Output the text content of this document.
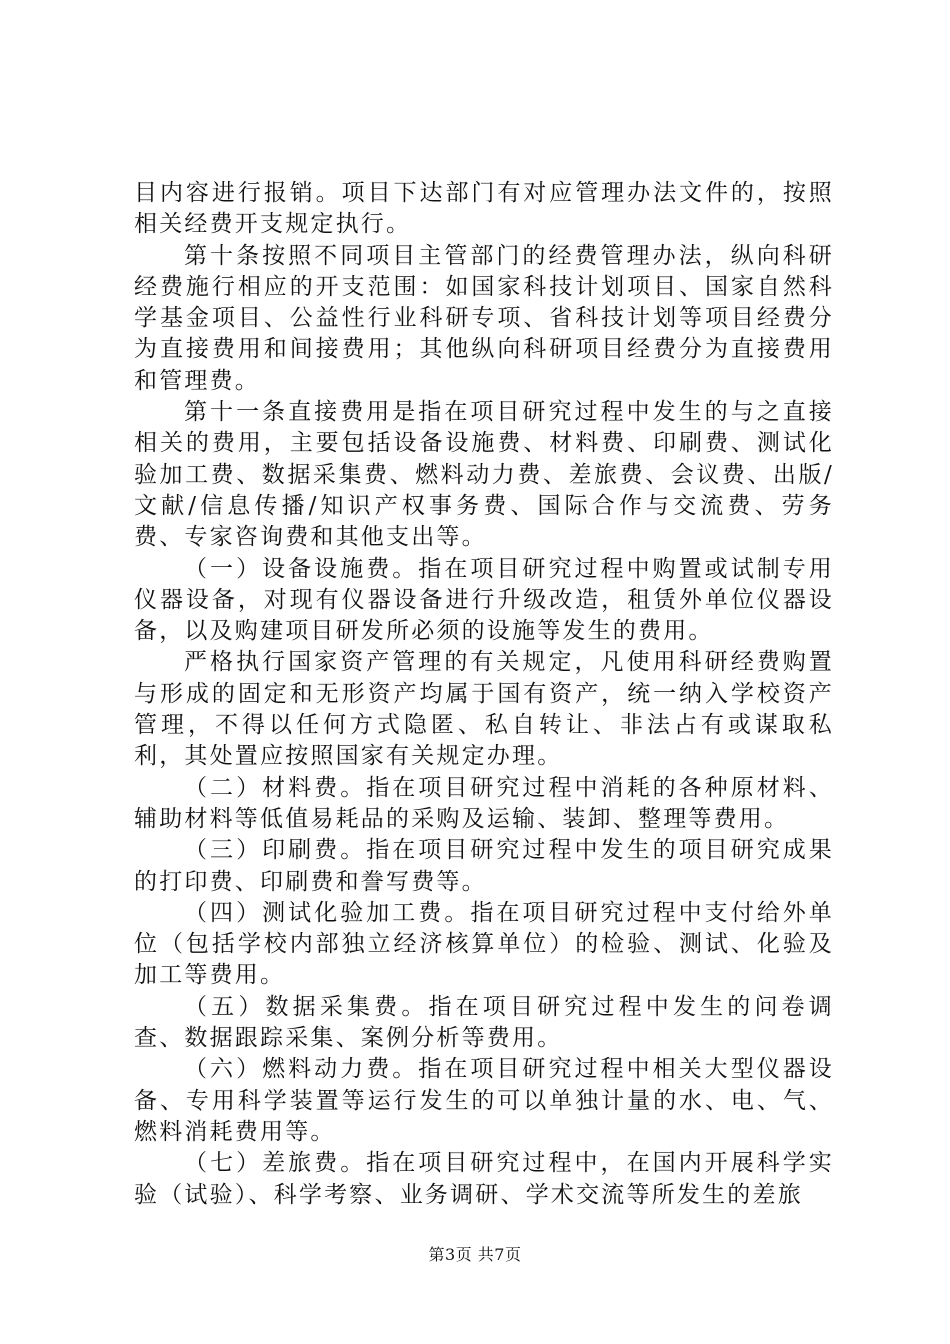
目内容进行报销。项目下达部门有对应管理办法文件的，按照相关经费开支规定执行。

第十条按照不同项目主管部门的经费管理办法，纵向科研经费施行相应的开支范围：如国家科技计划项目、国家自然科学基金项目、公益性行业科研专项、省科技计划等项目经费分为直接费用和间接费用；其他纵向科研项目经费分为直接费用和管理费。

第十一条直接费用是指在项目研究过程中发生的与之直接相关的费用，主要包括设备设施费、材料费、印刷费、测试化验加工费、数据采集费、燃料动力费、差旅费、会议费、出版/文献/信息传播/知识产权事务费、国际合作与交流费、劳务费、专家咨询费和其他支出等。

（一）设备设施费。指在项目研究过程中购置或试制专用仪器设备，对现有仪器设备进行升级改造，租赁外单位仪器设备，以及购建项目研发所必须的设施等发生的费用。

严格执行国家资产管理的有关规定，凡使用科研经费购置与形成的固定和无形资产均属于国有资产，统一纳入学校资产管理，不得以任何方式隐匿、私自转让、非法占有或谋取私利，其处置应按照国家有关规定办理。

（二）材料费。指在项目研究过程中消耗的各种原材料、辅助材料等低值易耗品的采购及运输、装卸、整理等费用。

（三）印刷费。指在项目研究过程中发生的项目研究成果的打印费、印刷费和誊写费等。

（四）测试化验加工费。指在项目研究过程中支付给外单位（包括学校内部独立经济核算单位）的检验、测试、化验及加工等费用。

（五）数据采集费。指在项目研究过程中发生的问卷调查、数据跟踪采集、案例分析等费用。

（六）燃料动力费。指在项目研究过程中相关大型仪器设备、专用科学装置等运行发生的可以单独计量的水、电、气、燃料消耗费用等。

（七）差旅费。指在项目研究过程中，在国内开展科学实验（试验）、科学考察、业务调研、学术交流等所发生的差旅

第3页 共7页
